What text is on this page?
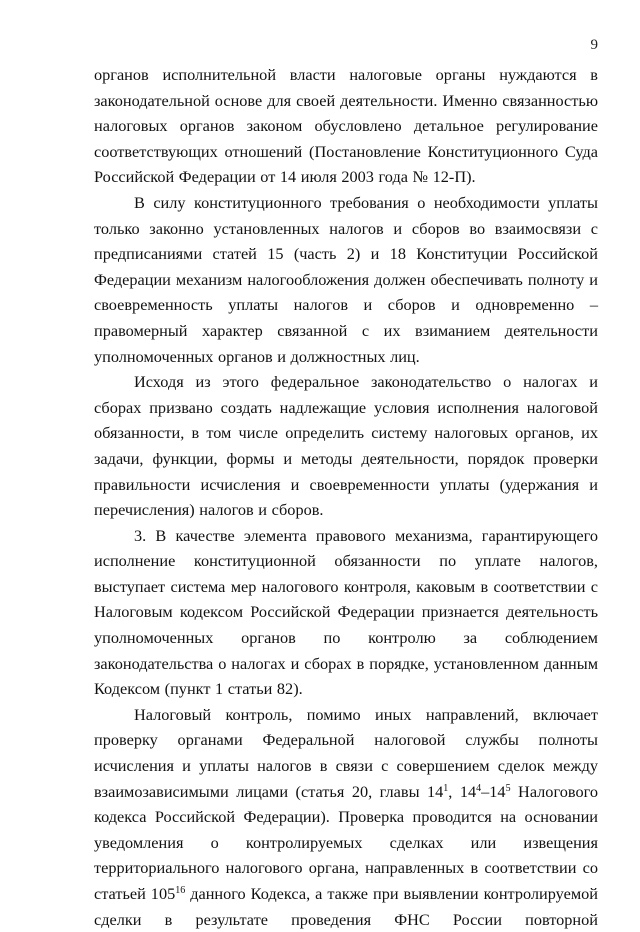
9

органов исполнительной власти налоговые органы нуждаются в законодательной основе для своей деятельности. Именно связанностью налоговых органов законом обусловлено детальное регулирование соответствующих отношений (Постановление Конституционного Суда Российской Федерации от 14 июля 2003 года № 12-П).

В силу конституционного требования о необходимости уплаты только законно установленных налогов и сборов во взаимосвязи с предписаниями статей 15 (часть 2) и 18 Конституции Российской Федерации механизм налогообложения должен обеспечивать полноту и своевременность уплаты налогов и сборов и одновременно – правомерный характер связанной с их взиманием деятельности уполномоченных органов и должностных лиц.

Исходя из этого федеральное законодательство о налогах и сборах призвано создать надлежащие условия исполнения налоговой обязанности, в том числе определить систему налоговых органов, их задачи, функции, формы и методы деятельности, порядок проверки правильности исчисления и своевременности уплаты (удержания и перечисления) налогов и сборов.

3. В качестве элемента правового механизма, гарантирующего исполнение конституционной обязанности по уплате налогов, выступает система мер налогового контроля, каковым в соответствии с Налоговым кодексом Российской Федерации признается деятельность уполномоченных органов по контролю за соблюдением законодательства о налогах и сборах в порядке, установленном данным Кодексом (пункт 1 статьи 82).

Налоговый контроль, помимо иных направлений, включает проверку органами Федеральной налоговой службы полноты исчисления и уплаты налогов в связи с совершением сделок между взаимозависимыми лицами (статья 20, главы $14^1$, $14^4-14^5$ Налогового кодекса Российской Федерации). Проверка проводится на основании уведомления о контролируемых сделках или извещения территориального налогового органа, направленных в соответствии со статьей $105^{16}$ данного Кодекса, а также при выявлении контролируемой сделки в результате проведения ФНС России повторной
